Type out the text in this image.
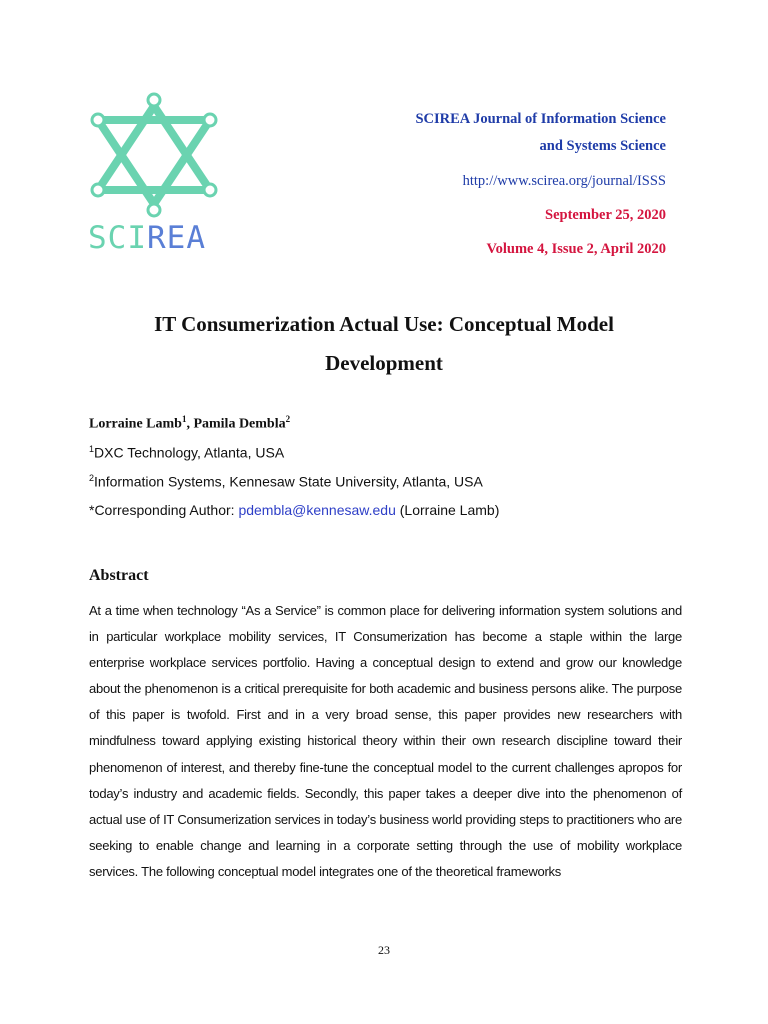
SCIREA
SCIREA Journal of Information Science
and Systems Science
http://www.scirea.org/journal/ISSS
September 25, 2020
Volume 4, Issue 2, April 2020
IT Consumerization Actual Use: Conceptual Model
Development
Lorraine Lamb$^1$, Pamila Dembla$^2$
$^1$DXC Technology, Atlanta, USA
$^2$Information Systems, Kennesaw State University, Atlanta, USA
*Corresponding Author: pdembla@kennesaw.edu (Lorraine Lamb)
Abstract
At a time when technology “As a Service” is common place for delivering information system solutions and in particular workplace mobility services, IT Consumerization has become a staple within the large enterprise workplace services portfolio. Having a conceptual design to extend and grow our knowledge about the phenomenon is a critical prerequisite for both academic and business persons alike. The purpose of this paper is twofold. First and in a very broad sense, this paper provides new researchers with mindfulness toward applying existing historical theory within their own research discipline toward their phenomenon of interest, and thereby fine-tune the conceptual model to the current challenges apropos for today’s industry and academic fields. Secondly, this paper takes a deeper dive into the phenomenon of actual use of IT Consumerization services in today’s business world providing steps to practitioners who are seeking to enable change and learning in a corporate setting through the use of mobility workplace services. The following conceptual model integrates one of the theoretical frameworks
23
